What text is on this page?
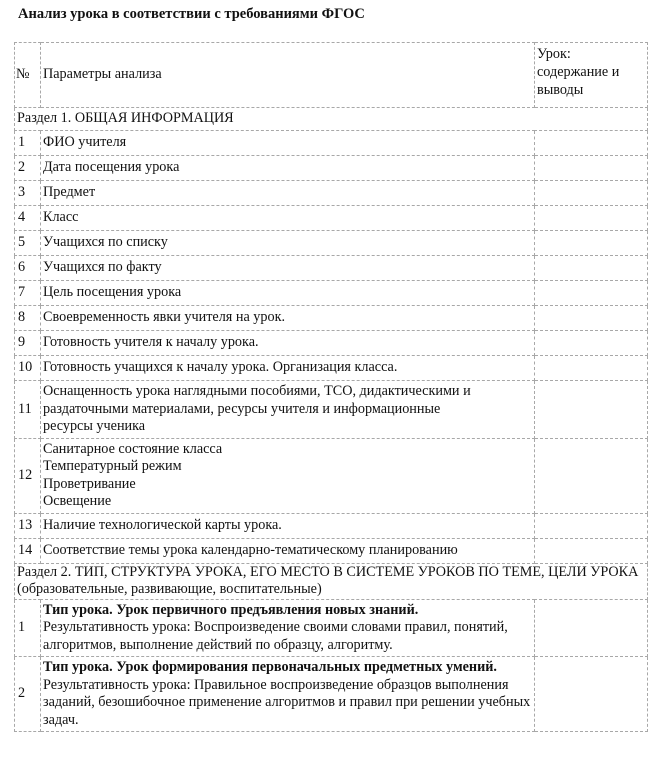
Анализ урока в соответствии с требованиями ФГОС
№	Параметры анализа	Урок:
содержание и
выводы

Раздел 1. ОБЩАЯ ИНФОРМАЦИЯ		
1	ФИО учителя	
2	Дата посещения урока	
3	Предмет	
4	Класс	
5	Учащихся по списку	
6	Учащихся по факту	
7	Цель посещения урока	
8	Своевременность явки учителя на урок.	
9	Готовность учителя к началу урока.	
10	Готовность учащихся к началу урока. Организация класса.	
11	Оснащенность урока наглядными пособиями, ТСО, дидактическими и
раздаточными материалами, ресурсы учителя и информационные
ресурсы ученика	

12	Санитарное состояние класса
Температурный режим
Проветривание
Освещение	

13	Наличие технологической карты урока.	
14	Соответствие темы урока календарно-тематическому планированию	
Раздел 2. ТИП, СТРУКТУРА УРОКА, ЕГО МЕСТО В СИСТЕМЕ УРОКОВ ПО ТЕМЕ, ЦЕЛИ УРОКА (образовательные, развивающие, воспитательные)		
1	Тип урока. Урок первичного предъявления новых знаний.
Результативность урока: Воспроизведение своими словами правил, понятий, алгоритмов, выполнение действий по образцу, алгоритму.	
2	Тип урока. Урок формирования первоначальных предметных умений. Результативность урока: Правильное воспроизведение образцов выполнения заданий, безошибочное применение алгоритмов и правил при решении учебных задач.	
